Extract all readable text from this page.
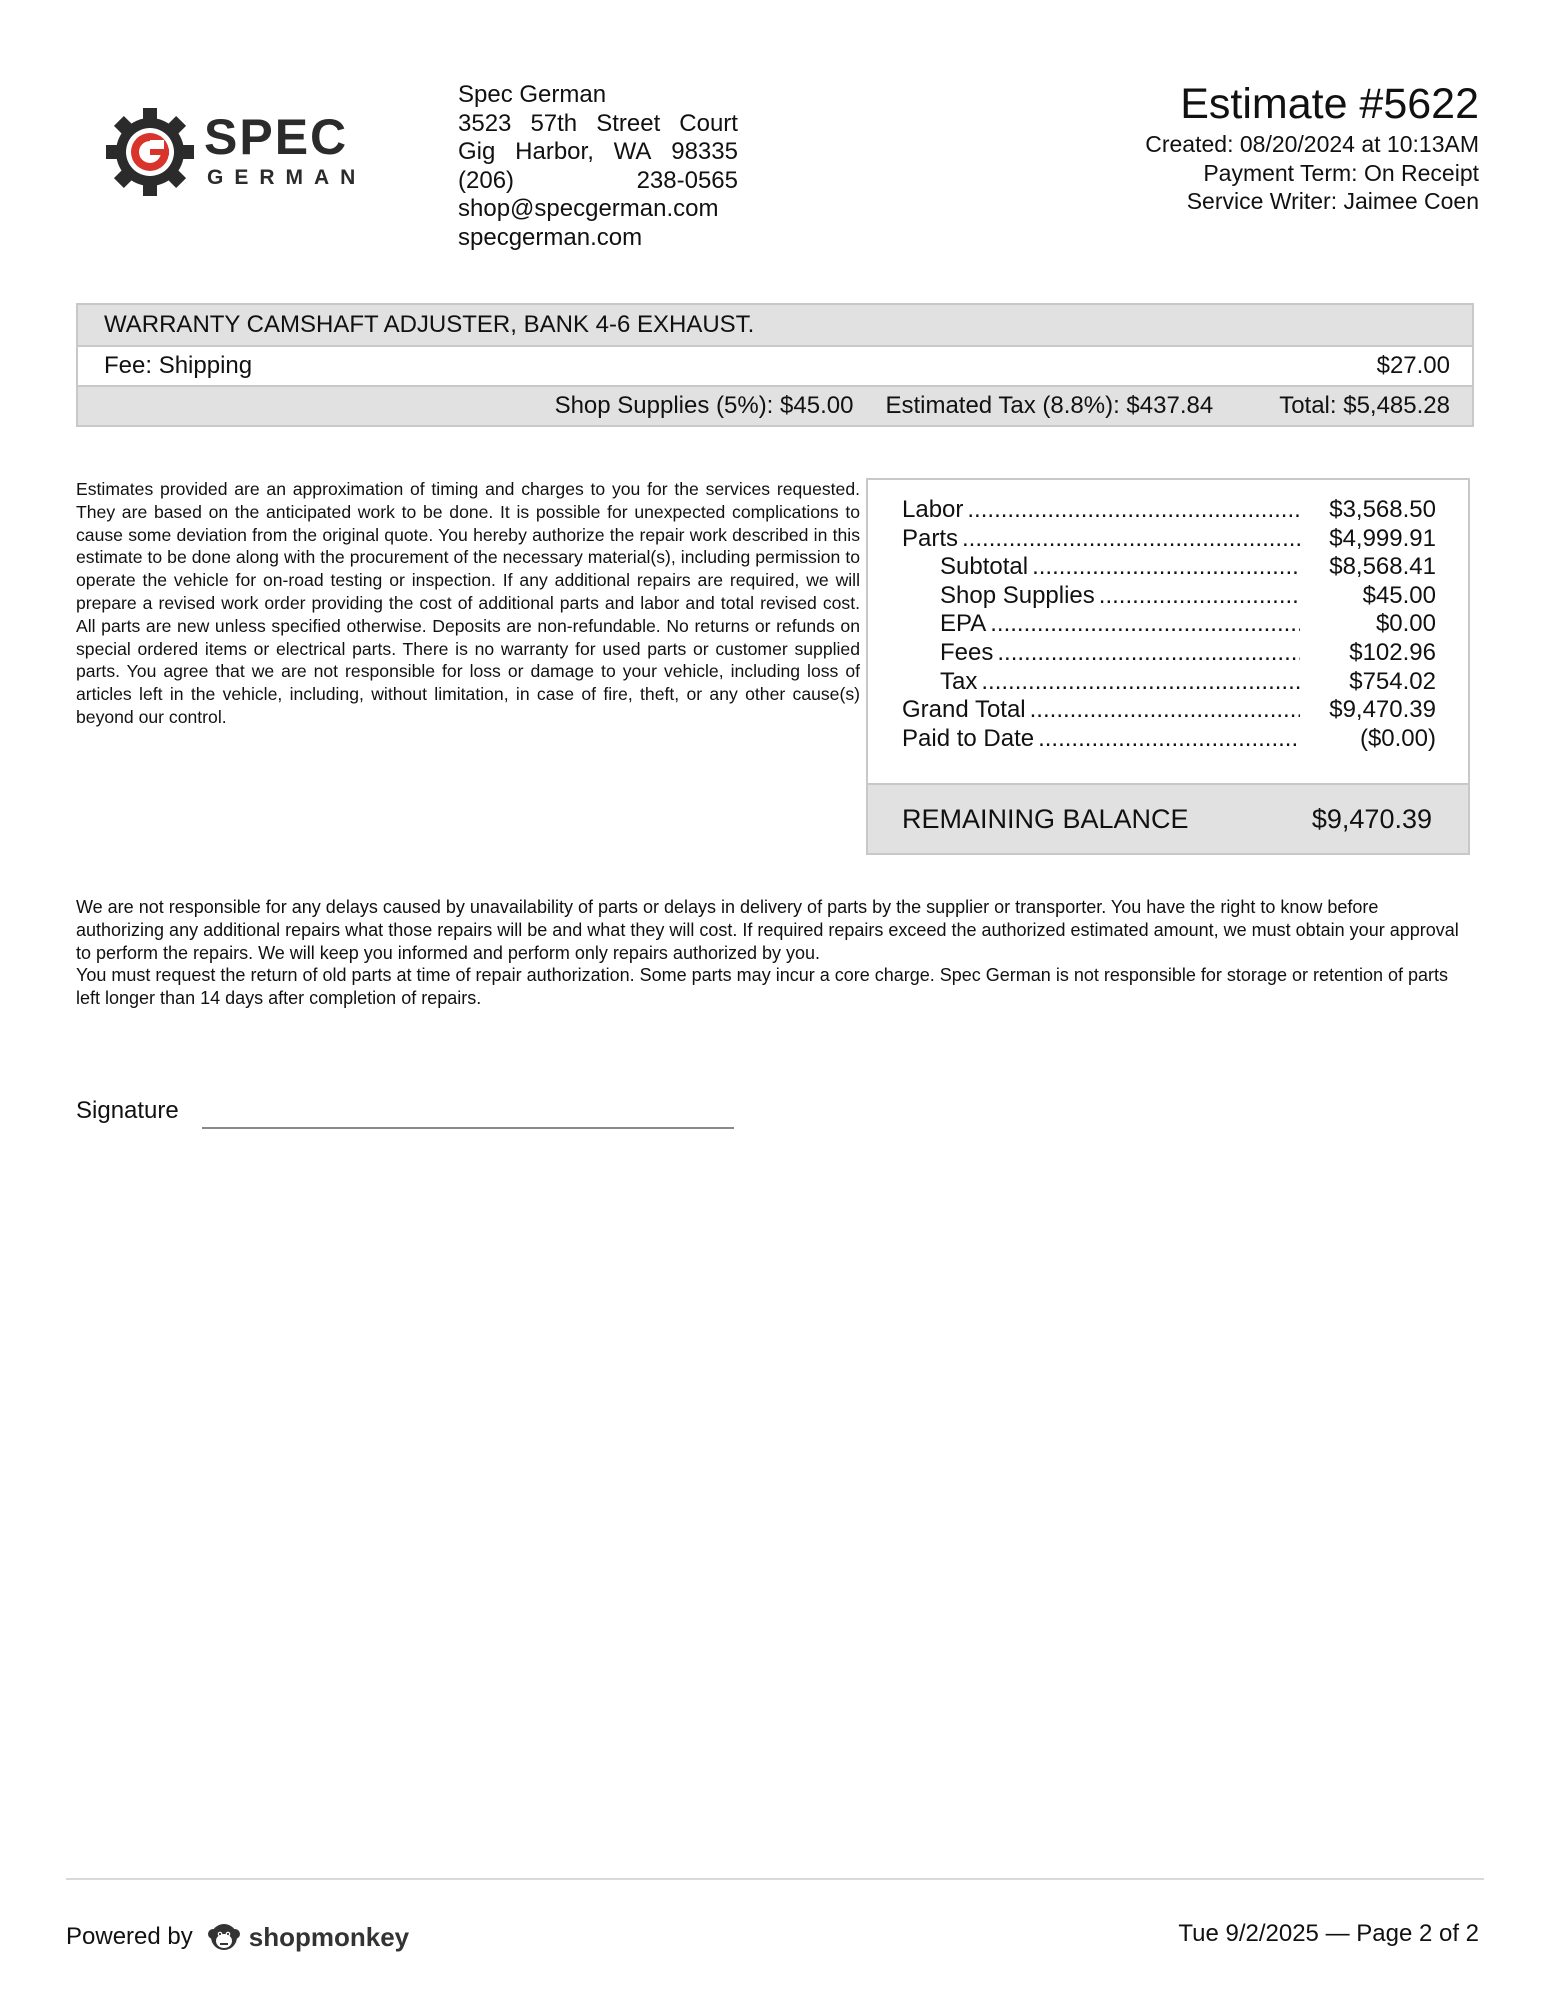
SPEC
GERMAN
Spec German
3523 57th Street Court
Gig Harbor, WA 98335
(206)	238-0565
shop@specgerman.com
specgerman.com
Estimate #5622
Created: 08/20/2024 at 10:13AM
Payment Term: On Receipt
Service Writer: Jaimee Coen
WARRANTY CAMSHAFT ADJUSTER, BANK 4-6 EXHAUST.
Fee: Shipping	$27.00
Shop Supplies (5%): $45.00 Estimated Tax (8.8%): $437.84	Total: $5,485.28
Estimates provided are an approximation of timing and charges to you for the services requested. They are based on the anticipated work to be done. It is possible for unexpected complications to cause some deviation from the original quote. You hereby authorize the repair work described in this estimate to be done along with the procurement of the necessary material(s), including permission to operate the vehicle for on-road testing or inspection. If any additional repairs are required, we will prepare a revised work order providing the cost of additional parts and labor and total revised cost. All parts are new unless specified otherwise. Deposits are non-refundable. No returns or refunds on special ordered items or electrical parts. There is no warranty for used parts or customer supplied parts. You agree that we are not responsible for loss or damage to your vehicle, including loss of articles left in the vehicle, including, without limitation, in case of fire, theft, or any other cause(s) beyond our control.
Labor .....	$3,568.50
Parts .....	$4,999.91
Subtotal .....	$8,568.41
Shop Supplies .....	$45.00
EPA .....	$0.00
Fees .....	$102.96
Tax .....	$754.02
Grand Total .....	$9,470.39
Paid to Date .....	($0.00)
REMAINING BALANCE	$9,470.39

We are not responsible for any delays caused by unavailability of parts or delays in delivery of parts by the supplier or transporter. You have the right to know before authorizing any additional repairs what those repairs will be and what they will cost. If required repairs exceed the authorized estimated amount, we must obtain your approval to perform the repairs. We will keep you informed and perform only repairs authorized by you.

You must request the return of old parts at time of repair authorization. Some parts may incur a core charge. Spec German is not responsible for storage or retention of parts left longer than 14 days after completion of repairs.

Signature
Powered by shopmonkey	Tue 9/2/2025 — Page 2 of 2
